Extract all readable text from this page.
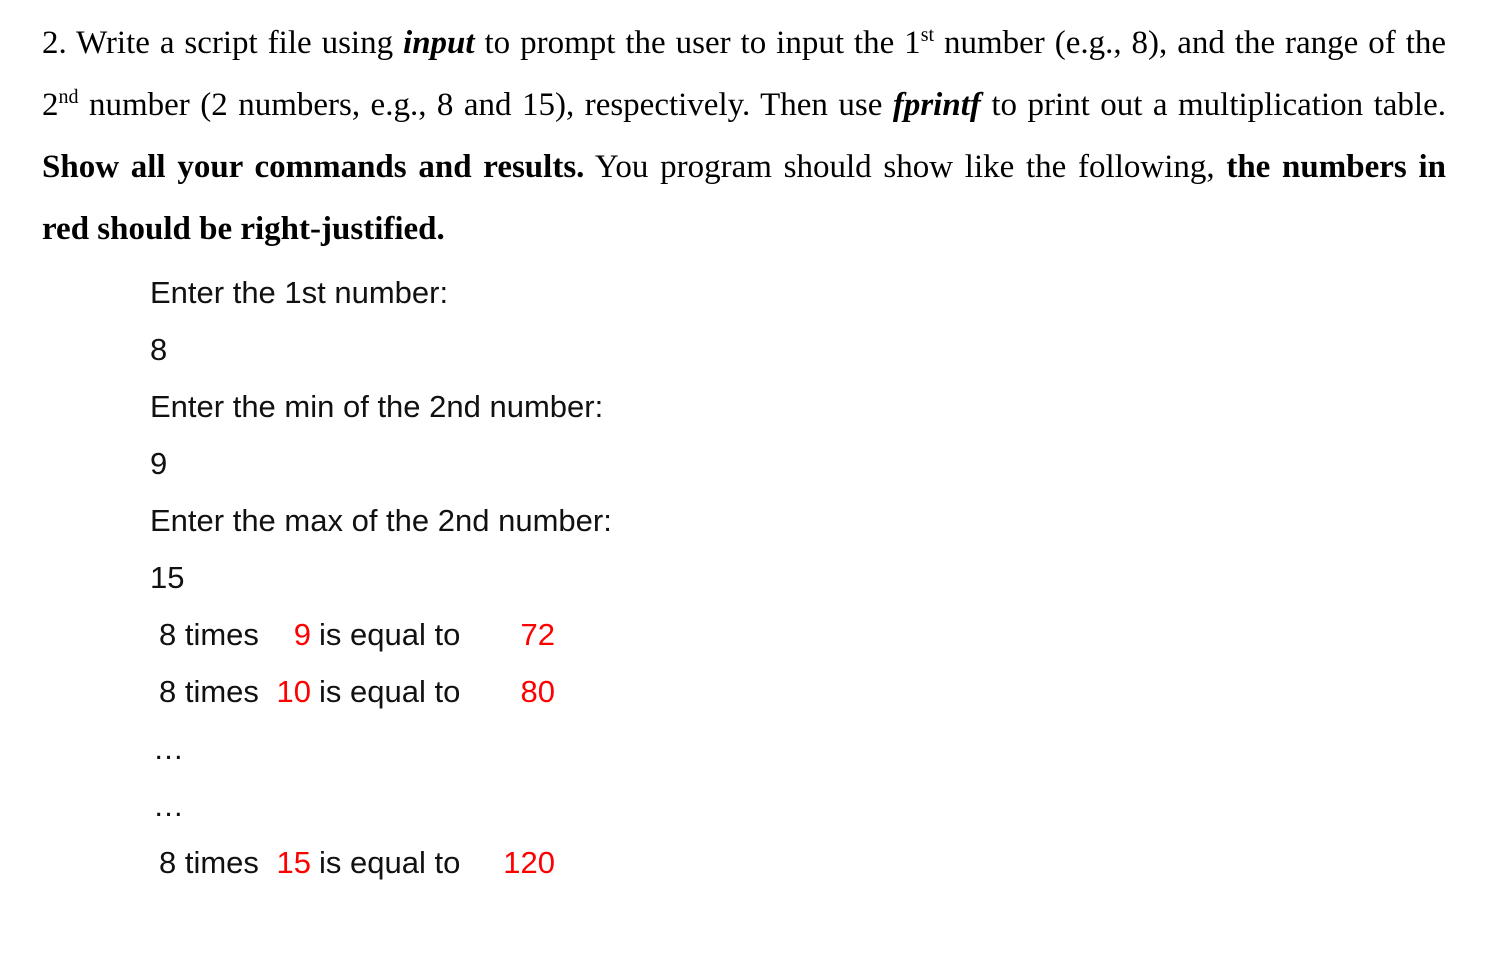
2. Write a script file using input to prompt the user to input the 1st number (e.g., 8), and the range of the 2nd number (2 numbers, e.g., 8 and 15), respectively. Then use fprintf to print out a multiplication table. Show all your commands and results. You program should show like the following, the numbers in red should be right-justified.
Enter the 1st number:
8
Enter the min of the 2nd number:
9
Enter the max of the 2nd number:
15
8 times	9 is equal to	72
8 times 10 is equal to	80
…
…
8 times 15 is equal to	120
